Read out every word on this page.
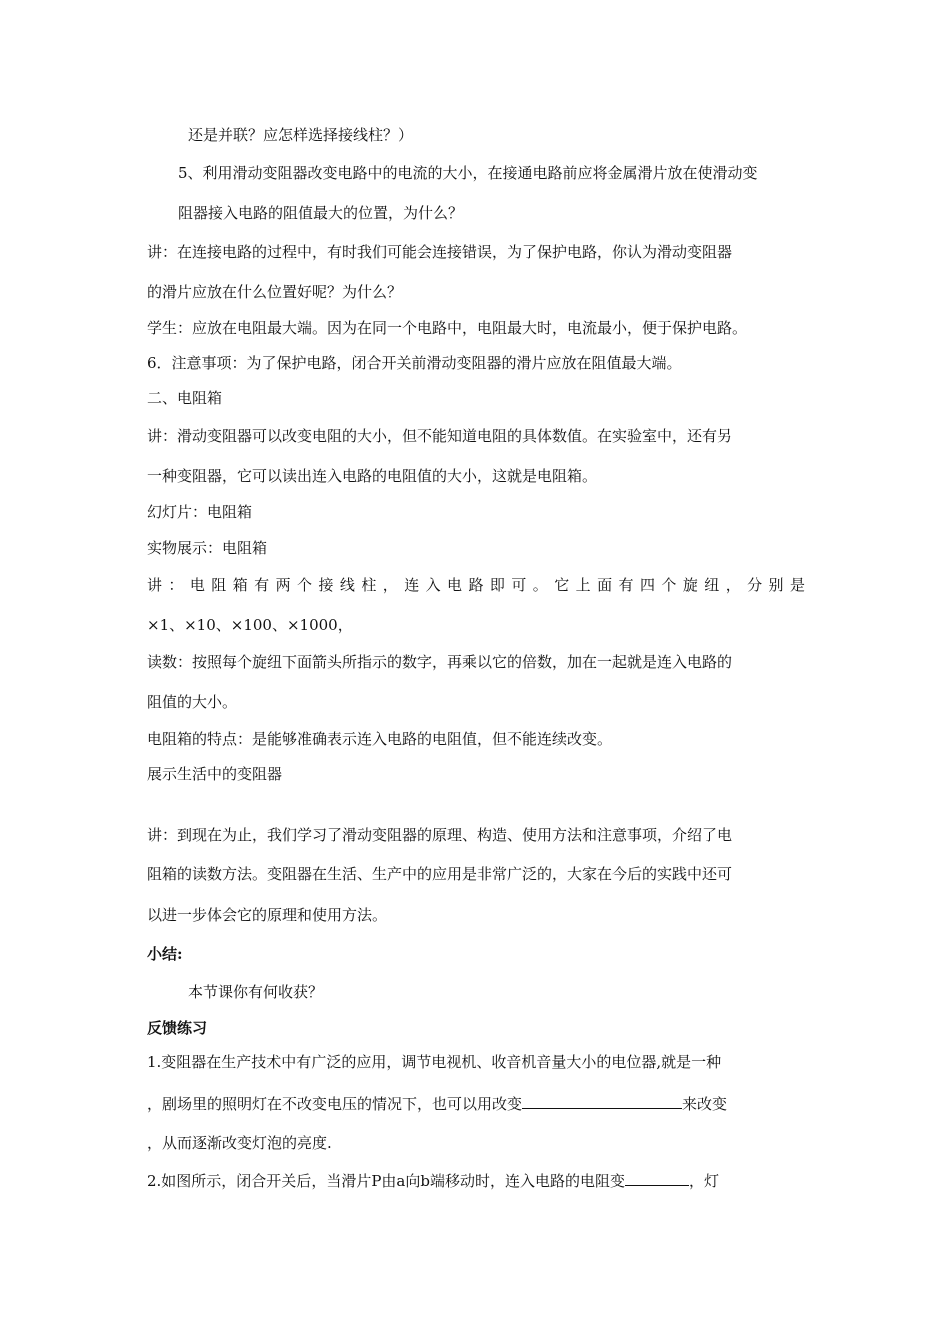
还是并联？应怎样选择接线柱？）
5、利用滑动变阻器改变电路中的电流的大小，在接通电路前应将金属滑片放在使滑动变
阻器接入电路的阻值最大的位置，为什么？
讲：在连接电路的过程中，有时我们可能会连接错误，为了保护电路，你认为滑动变阻器
的滑片应放在什么位置好呢？为什么？
学生：应放在电阻最大端。因为在同一个电路中，电阻最大时，电流最小，便于保护电路。
6．注意事项：为了保护电路，闭合开关前滑动变阻器的滑片应放在阻值最大端。
二、电阻箱
讲：滑动变阻器可以改变电阻的大小，但不能知道电阻的具体数值。在实验室中，还有另
一种变阻器，它可以读出连入电路的电阻值的大小，这就是电阻箱。
幻灯片：电阻箱
实物展示：电阻箱
讲：电阻箱有两个接线柱，连入电路即可。它上面有四个旋纽，分别是
×1、×10、×100、×1000，
读数：按照每个旋纽下面箭头所指示的数字，再乘以它的倍数，加在一起就是连入电路的
阻值的大小。
电阻箱的特点：是能够准确表示连入电路的电阻值，但不能连续改变。
展示生活中的变阻器
讲：到现在为止，我们学习了滑动变阻器的原理、构造、使用方法和注意事项，介绍了电
阻箱的读数方法。变阻器在生活、生产中的应用是非常广泛的，大家在今后的实践中还可
以进一步体会它的原理和使用方法。
小结:
本节课你有何收获？
反馈练习
1.变阻器在生产技术中有广泛的应用，调节电视机、收音机音量大小的电位器,就是一种
，剧场里的照明灯在不改变电压的情况下，也可以用改变	来改变
，从而逐渐改变灯泡的亮度.
2.如图所示，闭合开关后，当滑片P由a向b端移动时，连入电路的电阻变	，灯
